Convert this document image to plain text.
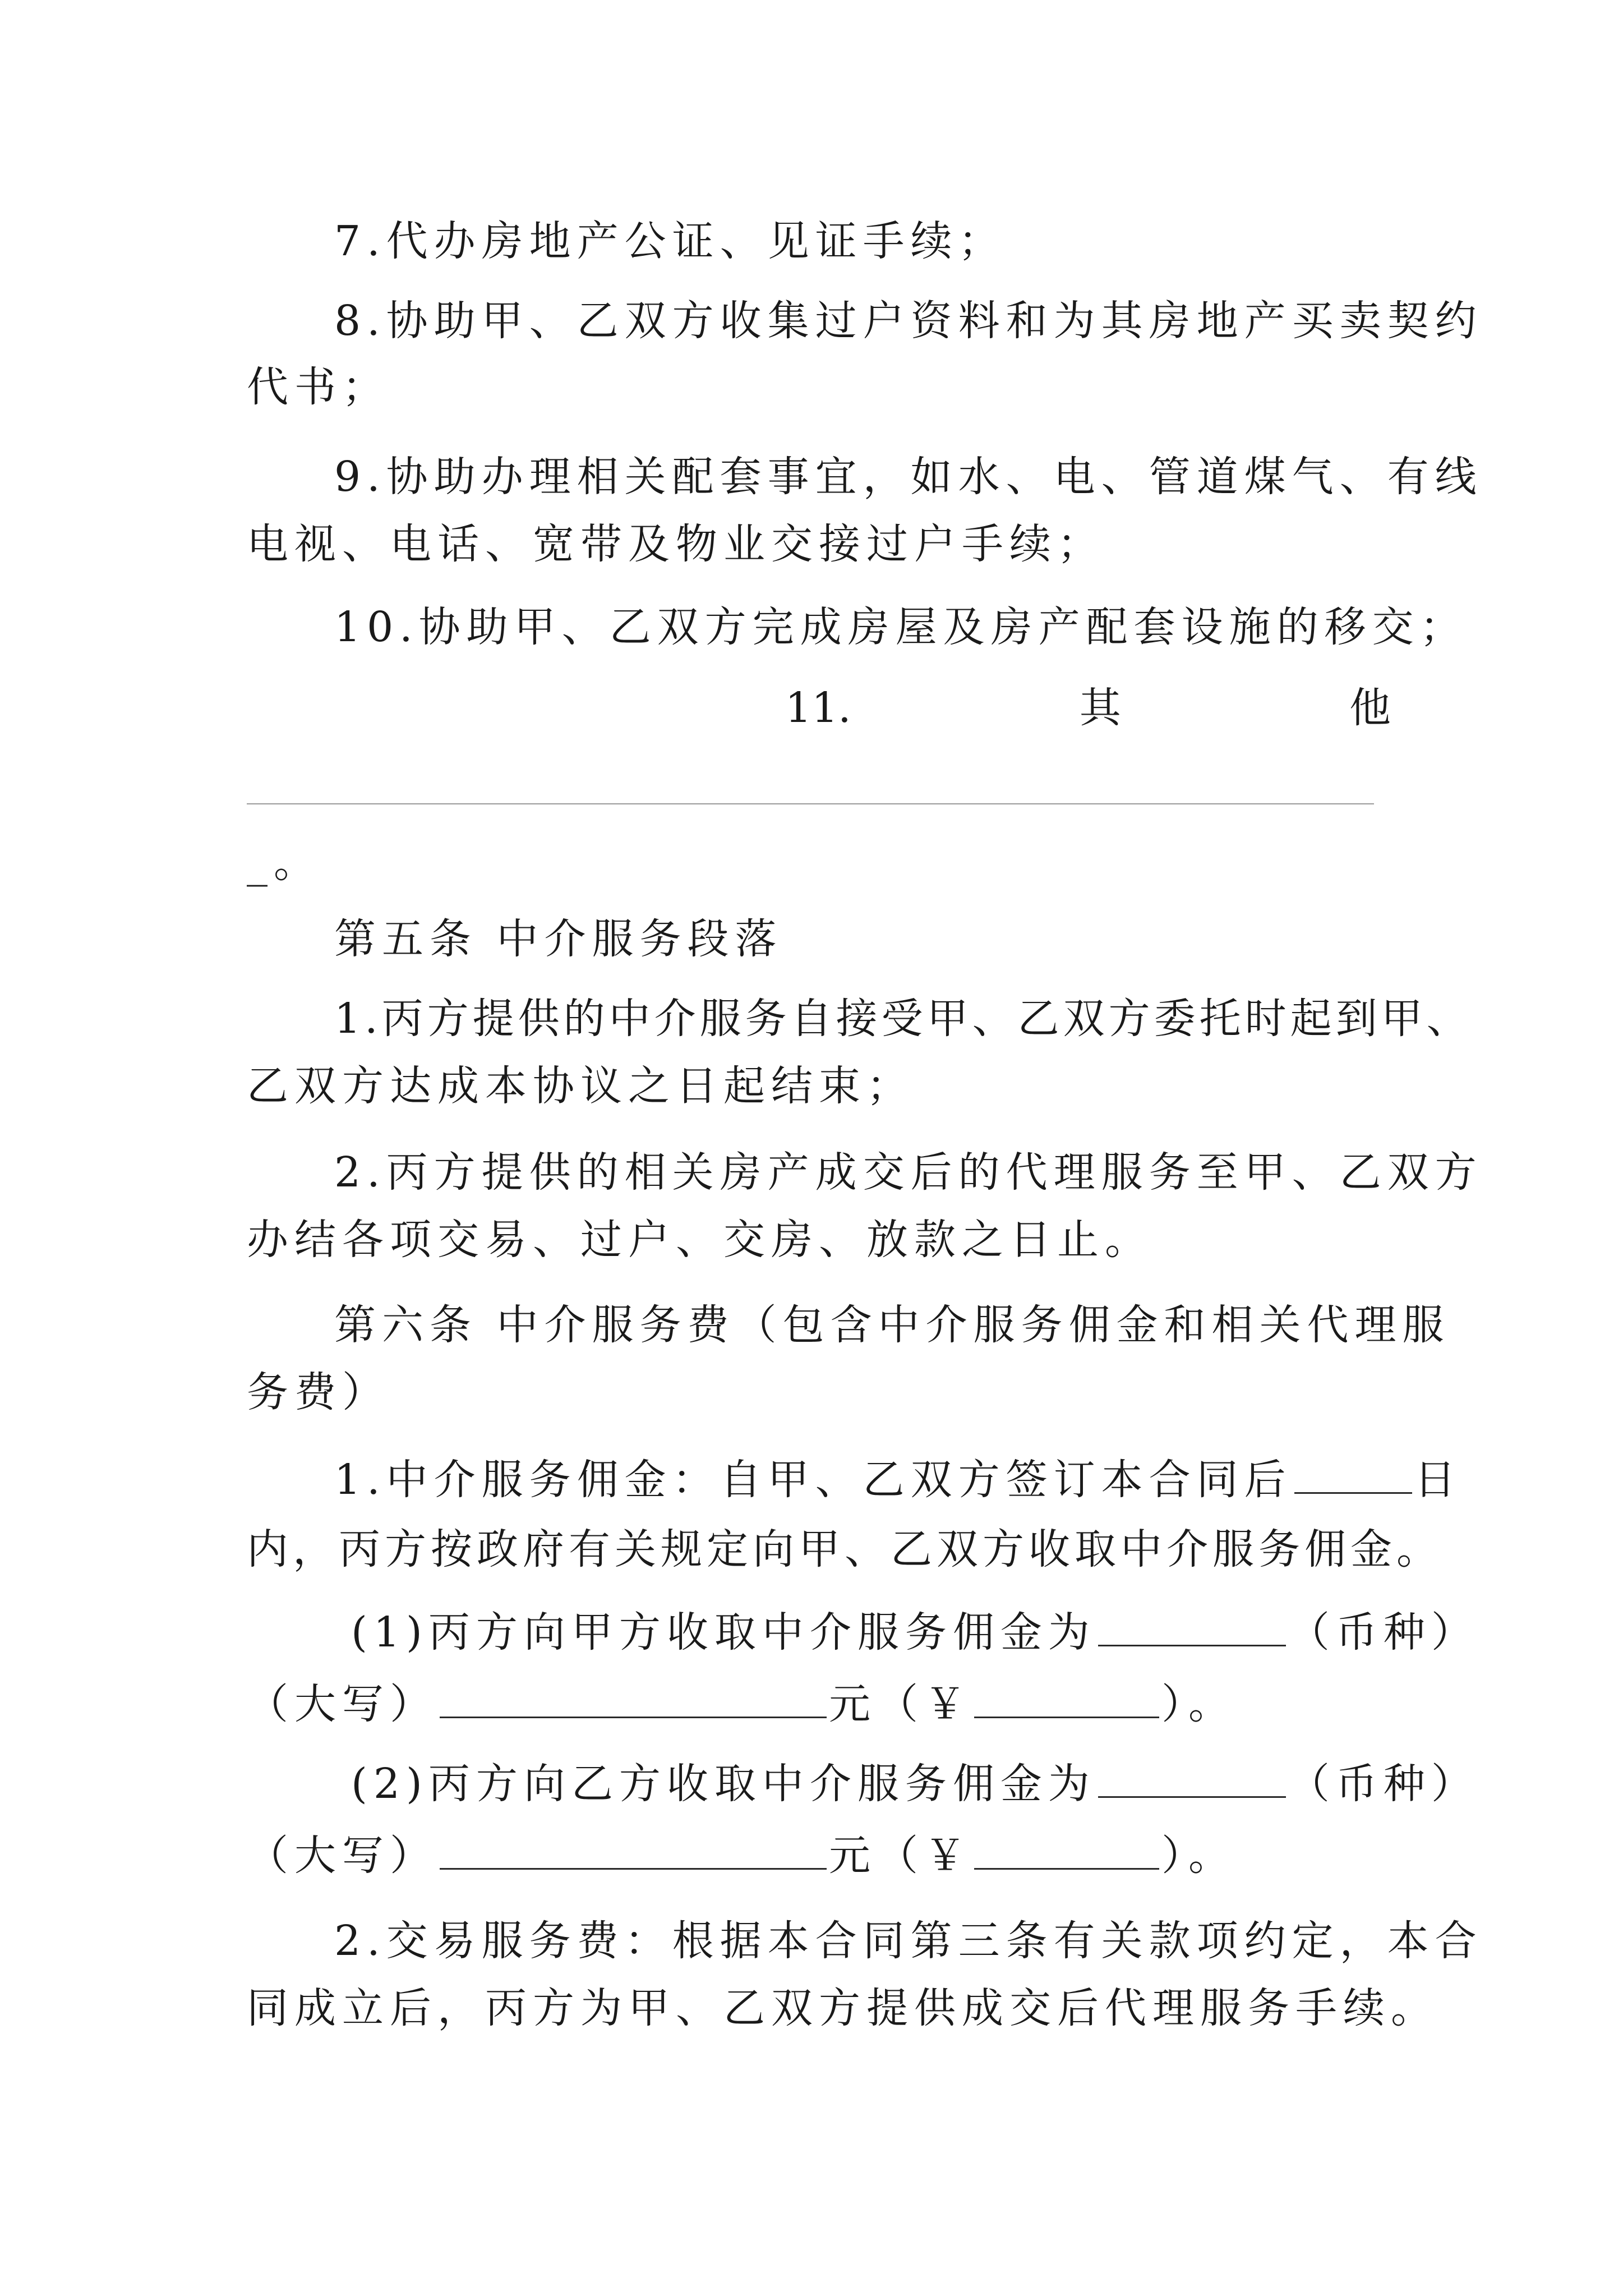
7.代办房地产公证、见证手续；
8.协助甲、乙双方收集过户资料和为其房地产买卖契约
代书；
9.协助办理相关配套事宜，如水、电、管道煤气、有线
电视、电话、宽带及物业交接过户手续；
10.协助甲、乙双方完成房屋及房产配套设施的移交；
11.	其	他
_。
第五条 中介服务段落
1.丙方提供的中介服务自接受甲、乙双方委托时起到甲、
乙双方达成本协议之日起结束；
2.丙方提供的相关房产成交后的代理服务至甲、乙双方
办结各项交易、过户、交房、放款之日止。
第六条 中介服务费（包含中介服务佣金和相关代理服
务费）
1.中介服务佣金：自甲、乙双方签订本合同后	日
内，丙方按政府有关规定向甲、乙双方收取中介服务佣金。
(1)丙方向甲方收取中介服务佣金为	（币种）
（大写）	元（￥	）。
(2)丙方向乙方收取中介服务佣金为	（币种）
（大写）	元（￥	）。
2.交易服务费：根据本合同第三条有关款项约定，本合
同成立后，丙方为甲、乙双方提供成交后代理服务手续。
